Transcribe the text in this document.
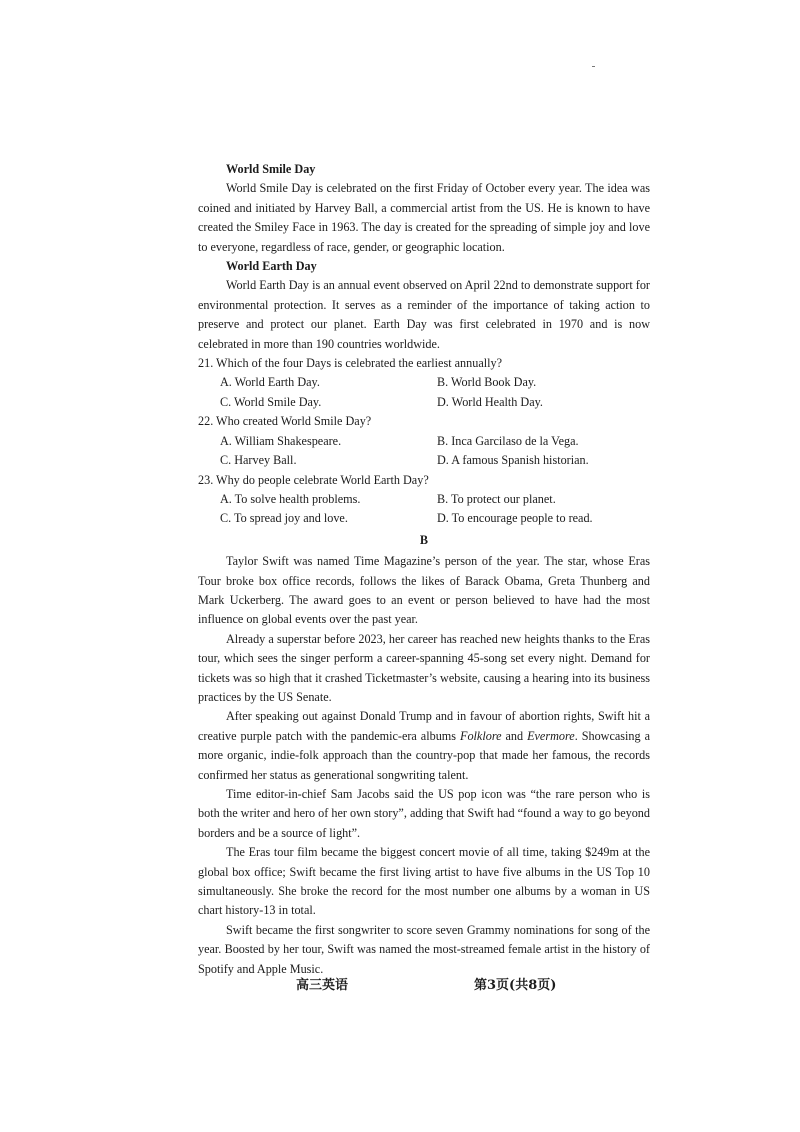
World Smile Day

World Smile Day is celebrated on the first Friday of October every year. The idea was coined and initiated by Harvey Ball, a commercial artist from the US. He is known to have created the Smiley Face in 1963. The day is created for the spreading of simple joy and love to everyone, regardless of race, gender, or geographic location.

World Earth Day

World Earth Day is an annual event observed on April 22nd to demonstrate support for environmental protection. It serves as a reminder of the importance of taking action to preserve and protect our planet. Earth Day was first celebrated in 1970 and is now celebrated in more than 190 countries worldwide.

21. Which of the four Days is celebrated the earliest annually?

A. World Earth Day.	B. World Book Day.
C. World Smile Day.	D. World Health Day.

22. Who created World Smile Day?

A. William Shakespeare.	B. Inca Garcilaso de la Vega.
C. Harvey Ball.	D. A famous Spanish historian.

23. Why do people celebrate World Earth Day?

A. To solve health problems.	B. To protect our planet.
C. To spread joy and love.	D. To encourage people to read.

B

Taylor Swift was named Time Magazine’s person of the year. The star, whose Eras Tour broke box office records, follows the likes of Barack Obama, Greta Thunberg and Mark Uckerberg. The award goes to an event or person believed to have had the most influence on global events over the past year.

Already a superstar before 2023, her career has reached new heights thanks to the Eras tour, which sees the singer perform a career-spanning 45-song set every night. Demand for tickets was so high that it crashed Ticketmaster’s website, causing a hearing into its business practices by the US Senate.

After speaking out against Donald Trump and in favour of abortion rights, Swift hit a creative purple patch with the pandemic-era albums Folklore and Evermore. Showcasing a more organic, indie-folk approach than the country-pop that made her famous, the records confirmed her status as generational songwriting talent.

Time editor-in-chief Sam Jacobs said the US pop icon was “the rare person who is both the writer and hero of her own story”, adding that Swift had “found a way to go beyond borders and be a source of light”.

The Eras tour film became the biggest concert movie of all time, taking $249m at the global box office; Swift became the first living artist to have five albums in the US Top 10 simultaneously. She broke the record for the most number one albums by a woman in US chart history-13 in total.

Swift became the first songwriter to score seven Grammy nominations for song of the year. Boosted by her tour, Swift was named the most-streamed female artist in the history of Spotify and Apple Music.

高三英语	第3页(共8页)
